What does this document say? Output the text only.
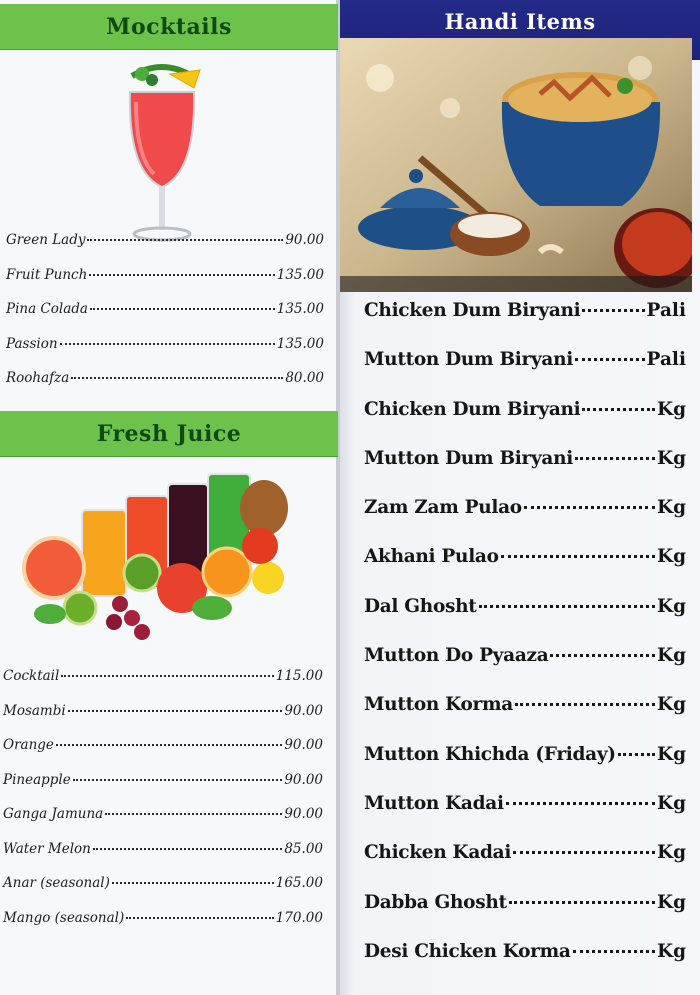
Mocktails
Green Lady	90.00
Fruit Punch	135.00
Pina Colada	135.00
Passion	135.00
Roohafza	80.00
Fresh Juice
Cocktail	115.00
Mosambi	90.00
Orange	90.00
Pineapple	90.00
Ganga Jamuna	90.00
Water Melon	85.00
Anar (seasonal)	165.00
Mango (seasonal)	170.00
Handi Items
Chicken Dum Biryani	Pali
Mutton Dum Biryani	Pali
Chicken Dum Biryani	Kg
Mutton Dum Biryani	Kg
Zam Zam Pulao	Kg
Akhani Pulao	Kg
Dal Ghosht	Kg
Mutton Do Pyaaza	Kg
Mutton Korma	Kg
Mutton Khichda (Friday) Kg
Mutton Kadai	Kg
Chicken Kadai	Kg
Dabba Ghosht	Kg
Desi Chicken Korma	Kg
